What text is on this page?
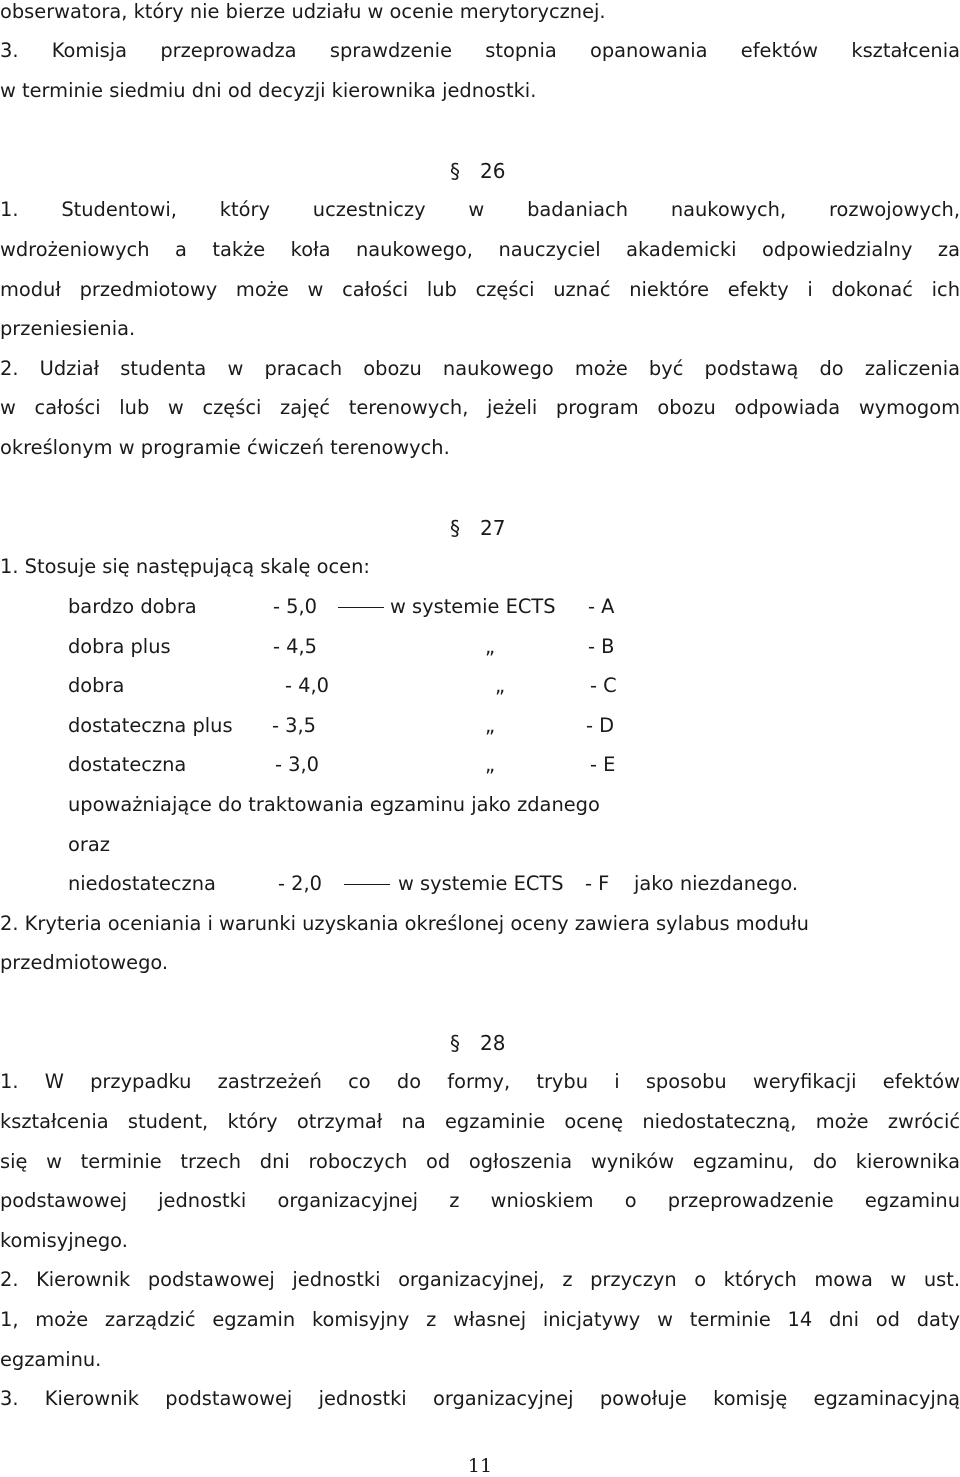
obserwatora, który nie bierze udziału w ocenie merytorycznej.
3. Komisja przeprowadza sprawdzenie stopnia opanowania efektów kształcenia
w terminie siedmiu dni od decyzji kierownika jednostki.
§ 26
1. Studentowi, który uczestniczy w badaniach naukowych, rozwojowych,
wdrożeniowych a także koła naukowego, nauczyciel akademicki odpowiedzialny za
moduł przedmiotowy może w całości lub części uznać niektóre efekty i dokonać ich
przeniesienia.
2. Udział studenta w pracach obozu naukowego może być podstawą do zaliczenia
w całości lub w części zajęć terenowych, jeżeli program obozu odpowiada wymogom
określonym w programie ćwiczeń terenowych.
§ 27
1. Stosuje się następującą skalę ocen:
bardzo dobra	- 5,0	w systemie ECTS - A
dobra plus	- 4,5	„	- B
dobra	- 4,0	„	- C
dostateczna plus - 3,5	„	- D
dostateczna	- 3,0	„	- E
upoważniające do traktowania egzaminu jako zdanego
oraz
niedostateczna	- 2,0	w systemie ECTS - F jako niezdanego.
2. Kryteria oceniania i warunki uzyskania określonej oceny zawiera sylabus modułu
przedmiotowego.
§ 28
1. W przypadku zastrzeżeń co do formy, trybu i sposobu weryfikacji efektów
kształcenia student, który otrzymał na egzaminie ocenę niedostateczną, może zwrócić
się w terminie trzech dni roboczych od ogłoszenia wyników egzaminu, do kierownika
podstawowej jednostki organizacyjnej z wnioskiem o przeprowadzenie egzaminu
komisyjnego.
2. Kierownik podstawowej jednostki organizacyjnej, z przyczyn o których mowa w ust.
1, może zarządzić egzamin komisyjny z własnej inicjatywy w terminie 14 dni od daty
egzaminu.
3. Kierownik podstawowej jednostki organizacyjnej powołuje komisję egzaminacyjną
11
